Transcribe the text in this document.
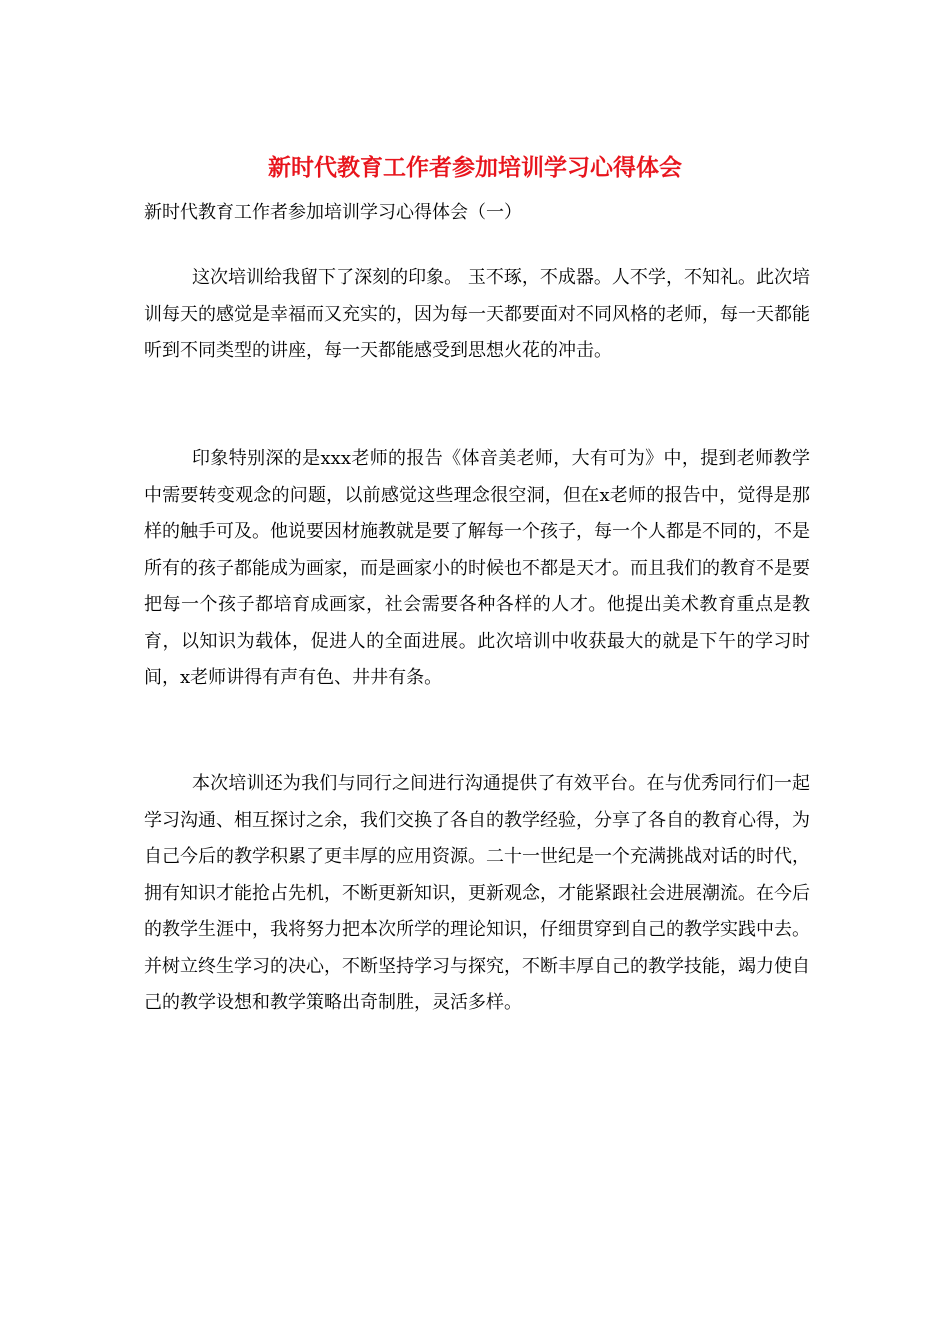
新时代教育工作者参加培训学习心得体会

新时代教育工作者参加培训学习心得体会（一）

这次培训给我留下了深刻的印象。 玉不琢，不成器。人不学，不知礼。此次培训每天的感觉是幸福而又充实的，因为每一天都要面对不同风格的老师，每一天都能听到不同类型的讲座，每一天都能感受到思想火花的冲击。

印象特别深的是xxx老师的报告《体音美老师，大有可为》中，提到老师教学中需要转变观念的问题，以前感觉这些理念很空洞，但在x老师的报告中，觉得是那样的触手可及。他说要因材施教就是要了解每一个孩子，每一个人都是不同的，不是所有的孩子都能成为画家，而是画家小的时候也不都是天才。而且我们的教育不是要把每一个孩子都培育成画家，社会需要各种各样的人才。他提出美术教育重点是教育，以知识为载体，促进人的全面进展。此次培训中收获最大的就是下午的学习时间，x老师讲得有声有色、井井有条。

本次培训还为我们与同行之间进行沟通提供了有效平台。在与优秀同行们一起学习沟通、相互探讨之余，我们交换了各自的教学经验，分享了各自的教育心得，为自己今后的教学积累了更丰厚的应用资源。二十一世纪是一个充满挑战对话的时代，拥有知识才能抢占先机，不断更新知识，更新观念，才能紧跟社会进展潮流。在今后的教学生涯中，我将努力把本次所学的理论知识，仔细贯穿到自己的教学实践中去。并树立终生学习的决心，不断坚持学习与探究，不断丰厚自己的教学技能，竭力使自己的教学设想和教学策略出奇制胜，灵活多样。
